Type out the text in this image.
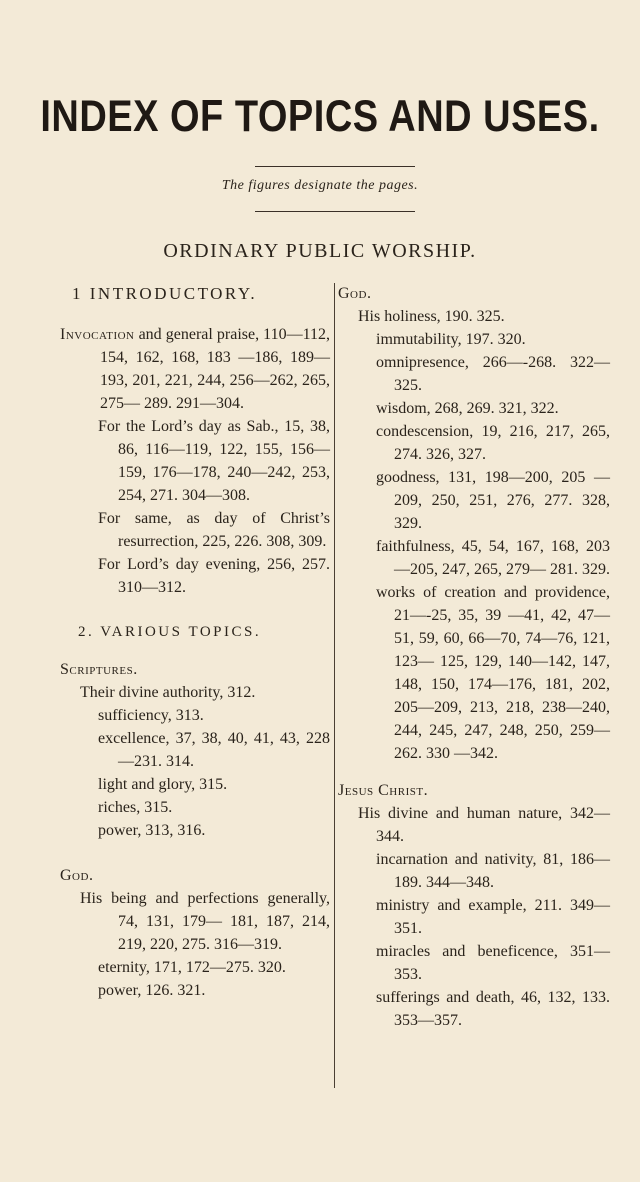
INDEX OF TOPICS AND USES.
The figures designate the pages.
ORDINARY PUBLIC WORSHIP.
1 INTRODUCTORY.

Invocation and general praise, 110—112, 154, 162, 168, 183 —186, 189—193, 201, 221, 244, 256—262, 265, 275— 289. 291—304.

For the Lord’s day as Sab., 15, 38, 86, 116—119, 122, 155, 156—159, 176—178, 240—242, 253, 254, 271. 304—308.

For same, as day of Christ’s resurrection, 225, 226. 308, 309.

For Lord’s day evening, 256, 257. 310—312.

2. VARIOUS TOPICS.
Scriptures.

Their divine authority, 312.

sufficiency, 313.

excellence, 37, 38, 40, 41, 43, 228—231. 314.

light and glory, 315.

riches, 315.

power, 313, 316.

God.

His being and perfections generally, 74, 131, 179— 181, 187, 214, 219, 220, 275. 316—319.

eternity, 171, 172—275. 320.

power, 126. 321.

God.

His holiness, 190. 325.

immutability, 197. 320.

omnipresence, 266—-268. 322—325.

wisdom, 268, 269. 321, 322.

condescension, 19, 216, 217, 265, 274. 326, 327.

goodness, 131, 198—200, 205 —209, 250, 251, 276, 277. 328, 329.

faithfulness, 45, 54, 167, 168, 203—205, 247, 265, 279— 281. 329.

works of creation and providence, 21—-25, 35, 39 —41, 42, 47—51, 59, 60, 66—70, 74—76, 121, 123— 125, 129, 140—142, 147, 148, 150, 174—176, 181, 202, 205—209, 213, 218, 238—240, 244, 245, 247, 248, 250, 259—262. 330 —342.

Jesus Christ.

His divine and human nature, 342—344.

incarnation and nativity, 81, 186—189. 344—348.

ministry and example, 211. 349—351.

miracles and beneficence, 351—353.

sufferings and death, 46, 132, 133. 353—357.
